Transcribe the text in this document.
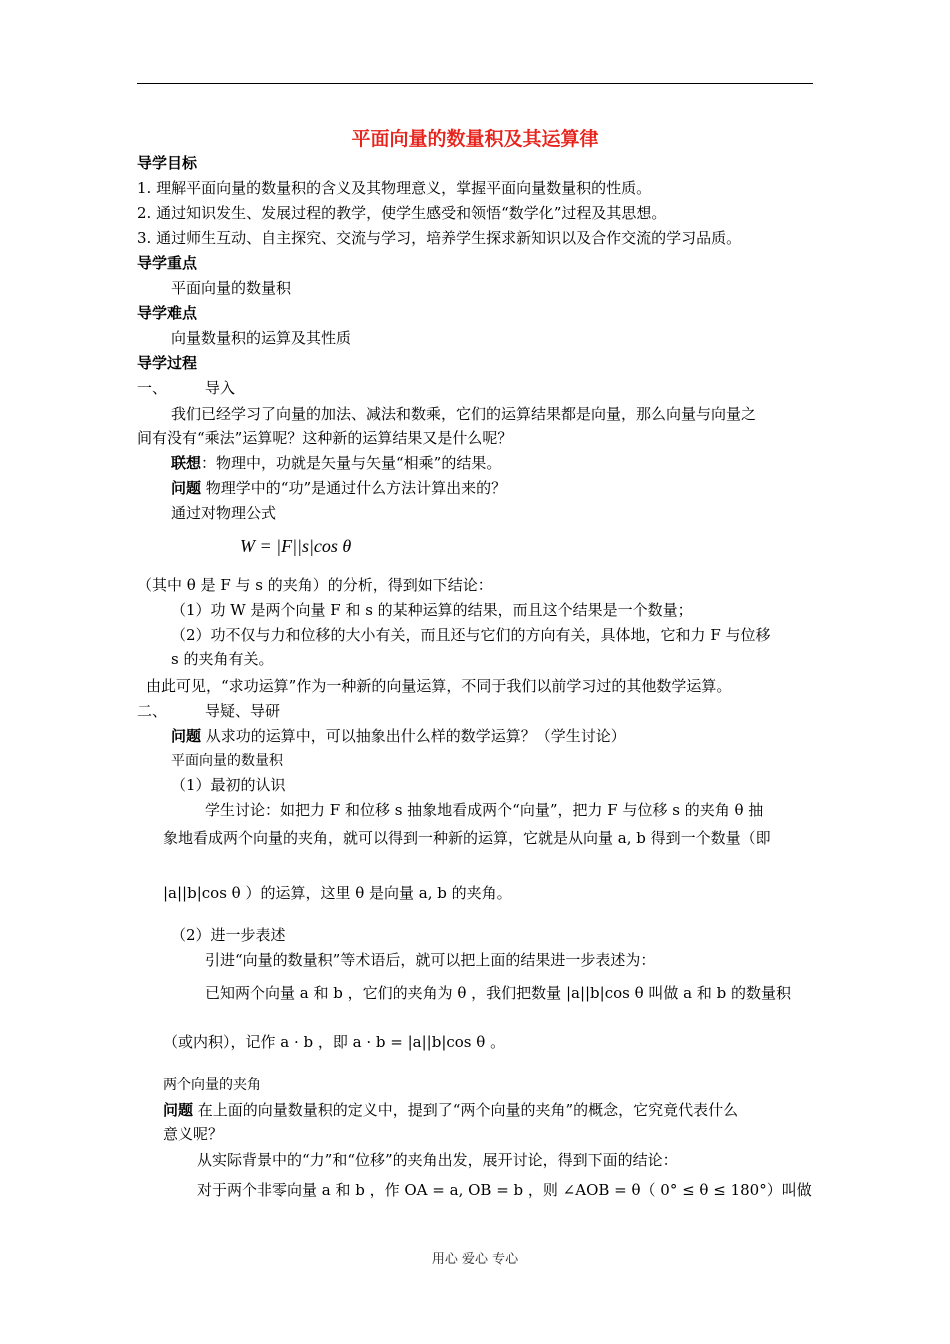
平面向量的数量积及其运算律
导学目标
1. 理解平面向量的数量积的含义及其物理意义，掌握平面向量数量积的性质。
2. 通过知识发生、发展过程的教学，使学生感受和领悟“数学化”过程及其思想。
3. 通过师生互动、自主探究、交流与学习，培养学生探求新知识以及合作交流的学习品质。
导学重点
平面向量的数量积
导学难点
向量数量积的运算及其性质
导学过程
一、	导入
我们已经学习了向量的加法、减法和数乘，它们的运算结果都是向量，那么向量与向量之
间有没有“乘法”运算呢？这种新的运算结果又是什么呢？
联想：物理中，功就是矢量与矢量“相乘”的结果。
问题 物理学中的“功”是通过什么方法计算出来的？
通过对物理公式
W = |F||s|cos θ
（其中 θ 是 F 与 s 的夹角）的分析，得到如下结论：
（1）功 W 是两个向量 F 和 s 的某种运算的结果，而且这个结果是一个数量；
（2）功不仅与力和位移的大小有关，而且还与它们的方向有关，具体地，它和力 F 与位移
s 的夹角有关。
由此可见，“求功运算”作为一种新的向量运算，不同于我们以前学习过的其他数学运算。
二、	导疑、导研
问题 从求功的运算中，可以抽象出什么样的数学运算？（学生讨论）
平面向量的数量积
（1）最初的认识
学生讨论：如把力 F 和位移 s 抽象地看成两个“向量”，把力 F 与位移 s 的夹角 θ 抽
象地看成两个向量的夹角，就可以得到一种新的运算，它就是从向量 a, b 得到一个数量（即
|a||b|cos θ ）的运算，这里 θ 是向量 a, b 的夹角。
（2）进一步表述
引进“向量的数量积”等术语后，就可以把上面的结果进一步表述为：
已知两个向量 a 和 b ，它们的夹角为 θ ，我们把数量 |a||b|cos θ 叫做 a 和 b 的数量积
（或内积），记作 a · b ，即 a · b = |a||b|cos θ 。
两个向量的夹角
问题 在上面的向量数量积的定义中，提到了“两个向量的夹角”的概念，它究竟代表什么
意义呢？
从实际背景中的“力”和“位移”的夹角出发，展开讨论，得到下面的结论：
对于两个非零向量 a 和 b ，作 OA = a, OB = b ，则 ∠AOB = θ（ 0° ≤ θ ≤ 180°）叫做
用心 爱心 专心
